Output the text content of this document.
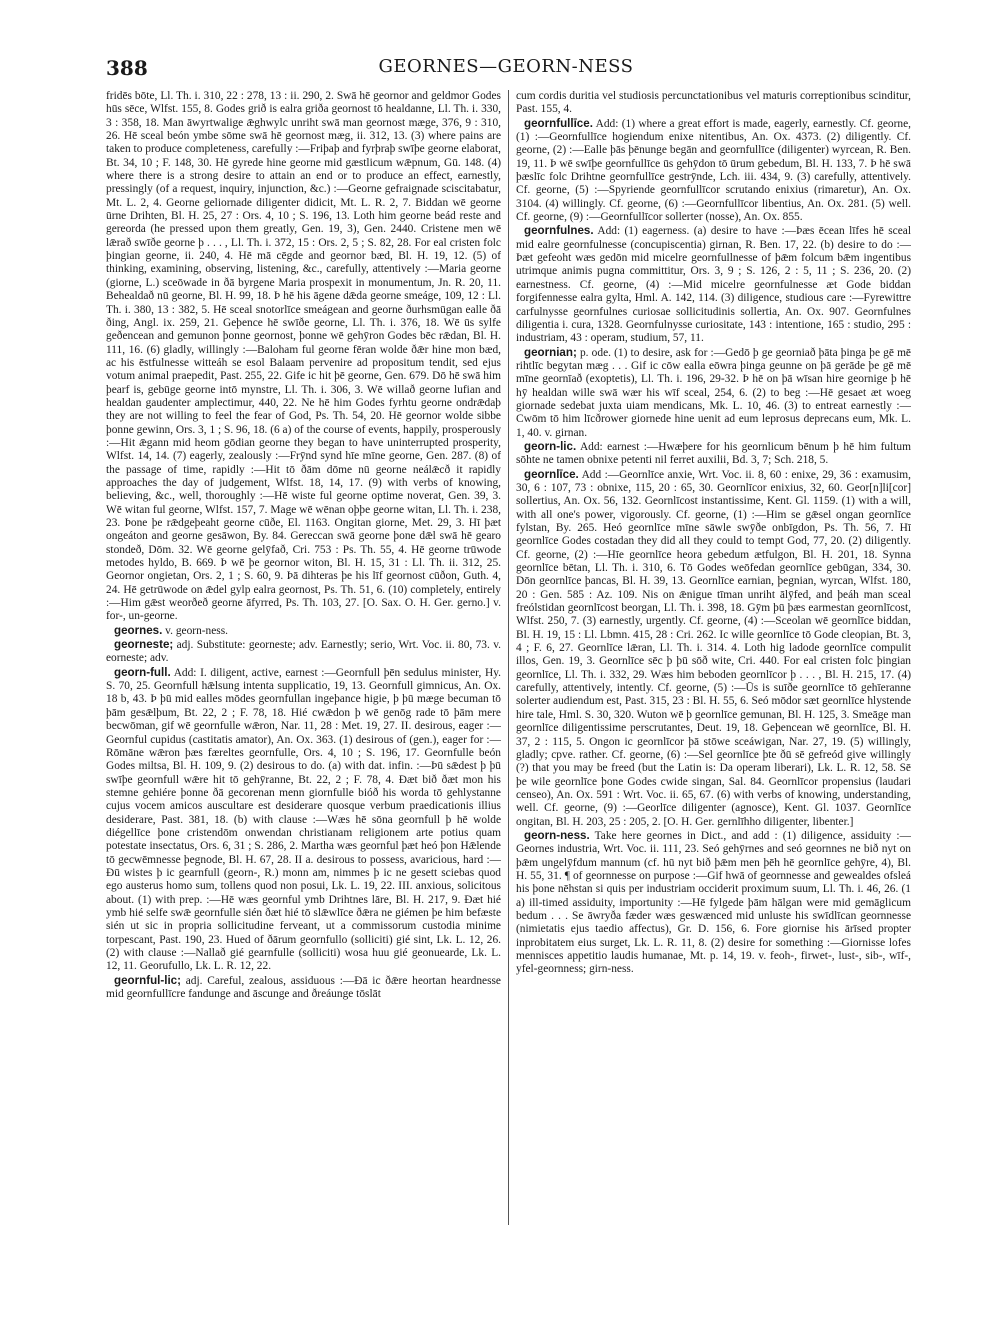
388	GEORNES—GEORN-NESS

fridēs bōte, Ll. Th. i. 310, 22 : 278, 13 : ii. 290, 2. Swā hē geornor and geldmor Godes hūs sēce, Wlfst. 155, 8. Godes grið is ealra griða geornost tō healdanne, Ll. Th. i. 330, 3 : 358, 18. Man āwyrtwalige ǣghwylc unriht swā man geornost mæge, 376, 9 : 310, 26. Hē sceal beón ymbe sōme swā hē geornost mæg, ii. 312, 13. (3) where pains are taken to produce completeness, carefully :—Friþaþ and fyrþraþ swīþe georne elaborat, Bt. 34, 10 ; F. 148, 30. Hē gyrede hine georne mid gæstlicum wǣpnum, Gū. 148. (4) where there is a strong desire to attain an end or to produce an effect, earnestly, pressingly (of a request, inquiry, injunction, &c.) :—Georne gefraignade sciscitabatur, Mt. L. 2, 4. Georne geliornade diligenter didicit, Mt. L. R. 2, 7. Biddan wē georne ūrne Drihten, Bl. H. 25, 27 : Ors. 4, 10 ; S. 196, 13. Loth him georne beád reste and gereorda (he pressed upon them greatly, Gen. 19, 3), Gen. 2440. Cristene men wē lǣrað swīðe georne þ . . . , Ll. Th. i. 372, 15 : Ors. 2, 5 ; S. 82, 28. For eal cristen folc þingian georne, ii. 240, 4. Hē mā cēgde and geornor bæd, Bl. H. 19, 12. (5) of thinking, examining, observing, listening, &c., carefully, attentively :—Maria georne (giorne, L.) sceōwade in ðā byrgene Maria prospexit in monumentum, Jn. R. 20, 11. Behealdað nū georne, Bl. H. 99, 18. Þ hē his āgene dǣda georne smeáge, 109, 12 : Ll. Th. i. 380, 13 : 382, 5. Hē sceal snotorlīce smeágean and georne ðurhsmūgan ealle ðā ðing, Angl. ix. 259, 21. Geþence hē swīðe georne, Ll. Th. i. 376, 18. Wē ūs sylfe geðencean and gemunon þonne geornost, þonne wē gehȳron Godes bēc rǣdan, Bl. H. 111, 16. (6) gladly, willingly :—Baloham ful georne fēran wolde ðǣr hine mon bæd, ac his ēstfulnesse witteáh se esol Balaam pervenire ad propositum tendit, sed ejus votum animal praepedit, Past. 255, 22. Gife ic hit þē georne, Gen. 679. Dō hē swā him þearf is, gebūge georne intō mynstre, Ll. Th. i. 306, 3. Wē willað georne lufian and healdan gaudenter amplectimur, 440, 22. Ne hē him Godes fyrhtu georne ondrǣdaþ they are not willing to feel the fear of God, Ps. Th. 54, 20. Hē geornor wolde sibbe þonne gewinn, Ors. 3, 1 ; S. 96, 18. (6 a) of the course of events, happily, prosperously :—Hit ǣgann mid heom gōdian georne they began to have uninterrupted prosperity, Wlfst. 14, 14. (7) eagerly, zealously :—Frȳnd synd hīe mīne georne, Gen. 287. (8) of the passage of time, rapidly :—Hit tō ðām dōme nū georne neálǣcð it rapidly approaches the day of judgement, Wlfst. 18, 14, 17. (9) with verbs of knowing, believing, &c., well, thoroughly :—Hē wiste ful georne optime noverat, Gen. 39, 3. Wē witan ful georne, Wlfst. 157, 7. Mage wē wēnan oþþe georne witan, Ll. Th. i. 238, 23. Þone þe rǣdgeþeaht georne cūðe, El. 1163. Ongitan giorne, Met. 29, 3. Hī þæt ongeáton and georne gesāwon, By. 84. Gereccan swā georne þone dǣl swā hē gearo stondeð, Dōm. 32. Wē georne gelȳfað, Cri. 753 : Ps. Th. 55, 4. Hē georne trūwode metodes hyldo, B. 669. Þ wē þe geornor witon, Bl. H. 15, 31 : Ll. Th. ii. 312, 25. Geornor ongietan, Ors. 2, 1 ; S. 60, 9. Þā dihteras þe his līf geornost cūðon, Guth. 4, 24. Hē getrūwode on ǣdel gylp ealra geornost, Ps. Th. 51, 6. (10) completely, entirely :—Him gǣst weorðeð georne āfyrred, Ps. Th. 103, 27. [O. Sax. O. H. Ger. gerno.] v. for-, un-georne.

geornes. v. georn-ness.

georneste; adj. Substitute: georneste; adv. Earnestly; serio, Wrt. Voc. ii. 80, 73. v. eorneste; adv.

georn-full. Add: I. diligent, active, earnest :—Geornfull þēn sedulus minister, Hy. S. 70, 25. Geornfull hǣlsung intenta supplicatio, 19, 13. Geornfull gimnicus, An. Ox. 18 b, 43. Þ þū mid ealles mōdes geornfullan ingeþance higie, þ þū mæge becuman tō þām gesǣlþum, Bt. 22, 2 ; F. 78, 18. Hié cwǣdon þ wē genōg rade tō þām mere becwōman, gif wē geornfulle wǣron, Nar. 11, 28 : Met. 19, 27. II. desirous, eager :—Geornful cupidus (castitatis amator), An. Ox. 363. (1) desirous of (gen.), eager for :—Rōmāne wǣron þæs færeltes geornfulle, Ors. 4, 10 ; S. 196, 17. Geornfulle beón Godes miltsa, Bl. H. 109, 9. (2) desirous to do. (a) with dat. infin. :—Þū sǣdest þ þū swīþe geornfull wǣre hit tō gehȳranne, Bt. 22, 2 ; F. 78, 4. Ðæt bið ðæt mon his stemne gehiére þonne ðā gecorenan menn giornfulle bióð his worda tō gehlystanne cujus vocem amicos auscultare est desiderare quosque verbum praedicationis illius desiderare, Past. 381, 18. (b) with clause :—Wæs hē sōna geornfull þ hē wolde diégellīce þone cristendōm onwendan christianam religionem arte potius quam potestate insectatus, Ors. 6, 31 ; S. 286, 2. Martha wæs geornful þæt heó þon Hǣlende tō gecwēmnesse þegnode, Bl. H. 67, 28. II a. desirous to possess, avaricious, hard :—Ðū wistes þ ic gearnfull (georn-, R.) monn am, nimmes þ ic ne gesett sciebas quod ego austerus homo sum, tollens quod non posui, Lk. L. 19, 22. III. anxious, solicitous about. (1) with prep. :—Hē wæs geornful ymb Drihtnes lāre, Bl. H. 217, 9. Ðæt hié ymb hié selfe swǣ geornfulle sién ðæt hié tō slǣwlīce ðǣra ne giémen þe him befæste sién ut sic in propria sollicitudine ferveant, ut a commissorum custodia minime torpescant, Past. 190, 23. Hued of ðārum geornfullo (solliciti) gié sint, Lk. L. 12, 26. (2) with clause :—Nallað gié gearnfulle (solliciti) wosa huu gié geonuearde, Lk. L. 12, 11. Georufullo, Lk. L. R. 12, 22.

geornful-lic; adj. Careful, zealous, assiduous :—Ðā ic ðǣre heortan heardnesse mid geornfullīcre fandunge and āscunge and ðreáunge tōslāt

cum cordis duritia vel studiosis percunctationibus vel maturis correptionibus scinditur, Past. 155, 4.

geornfullīce. Add: (1) where a great effort is made, eagerly, earnestly. Cf. georne, (1) :—Geornfullīce hogiendum enixe nitentibus, An. Ox. 4373. (2) diligently. Cf. georne, (2) :—Ealle þās þēnunge begān and geornfullīce (diligenter) wyrcean, R. Ben. 19, 11. Þ wē swīþe geornfullīce ūs gehȳdon tō ūrum gebedum, Bl. H. 133, 7. Þ hē swā þæslīc folc Drihtne geornfullīce gestrȳnde, Lch. iii. 434, 9. (3) carefully, attentively. Cf. georne, (5) :—Spyriende geornfullīcor scrutando enixius (rimaretur), An. Ox. 3104. (4) willingly. Cf. georne, (6) :—Geornfullīcor libentius, An. Ox. 281. (5) well. Cf. georne, (9) :—Geornfullīcor sollerter (nosse), An. Ox. 855.

geornfulnes. Add: (1) eagerness. (a) desire to have :—Þæs ēcean līfes hē sceal mid ealre geornfulnesse (concupiscentia) girnan, R. Ben. 17, 22. (b) desire to do :—Þæt gefeoht wæs gedōn mid micelre geornfullnesse of þǣm folcum bǣm ingentibus utrimque animis pugna committitur, Ors. 3, 9 ; S. 126, 2 : 5, 11 ; S. 236, 20. (2) earnestness. Cf. georne, (4) :—Mid micelre geornfulnesse æt Gode biddan forgifennesse ealra gylta, Hml. A. 142, 114. (3) diligence, studious care :—Fyrewittre carfulnysse geornfulnes curiosae sollicitudinis sollertia, An. Ox. 907. Geornfulnes diligentia i. cura, 1328. Geornfulnysse curiositate, 143 : intentione, 165 : studio, 295 : industriam, 43 : operam, studium, 57, 11.

geornian; p. ode. (1) to desire, ask for :—Gedō þ ge georniað þāta þinga þe gē mē rihtlīc begytan mæg . . . Gif ic cōw ealla eōwra þinga geunne on þā gerāde þe gē mē mīne geornīað (exoptetis), Ll. Th. i. 196, 29-32. Þ hē on þā wīsan hire geornige þ hē hȳ healdan wille swā wær his wīf sceal, 254, 6. (2) to beg :—Hē gesaet æt woeg giornade sedebat juxta uiam mendicans, Mk. L. 10, 46. (3) to entreat earnestly :—Cwōm tō him līcðrower giornede hine uenit ad eum leprosus deprecans eum, Mk. L. 1, 40. v. girnan.

georn-lic. Add: earnest :—Hwæþere for his geornlicum bēnum þ hē him fultum sōhte ne tamen obnixe petenti nil ferret auxilii, Bd. 3, 7; Sch. 218, 5.

geornlīce. Add :—Geornlīce anxie, Wrt. Voc. ii. 8, 60 : enixe, 29, 36 : examusim, 30, 6 : 107, 73 : obnixe, 115, 20 : 65, 30. Geornlīcor enixius, 32, 60. Geor[n]li[cor] sollertius, An. Ox. 56, 132. Geornlīcost instantissime, Kent. Gl. 1159. (1) with a will, with all one's power, vigorously. Cf. georne, (1) :—Him se gǣsel ongan geornlīce fylstan, By. 265. Heó geornlīce mīne sāwle swȳðe onbīgdon, Ps. Th. 56, 7. Hī geornlīce Godes costadan they did all they could to tempt God, 77, 20. (2) diligently. Cf. georne, (2) :—Hīe geornlīce heora gebedum ætfulgon, Bl. H. 201, 18. Synna geornlīce bētan, Ll. Th. i. 310, 6. Tō Godes weōfedan geornlīce gebūgan, 334, 30. Dōn geornlīce þancas, Bl. H. 39, 13. Geornlīce earnian, þegnian, wyrcan, Wlfst. 180, 20 : Gen. 585 : Az. 109. Nis on ǣnigue tīman unriht ālȳfed, and þeáh man sceal freólstidan geornlīcost beorgan, Ll. Th. i. 398, 18. Gȳm þū þæs earmestan geornlīcost, Wlfst. 250, 7. (3) earnestly, urgently. Cf. georne, (4) :—Sceolan wē geornlīce biddan, Bl. H. 19, 15 : Ll. Lbmn. 415, 28 : Cri. 262. Ic wille geornlīce tō Gode cleopian, Bt. 3, 4 ; F. 6, 27. Geornlīce lǣran, Ll. Th. i. 314. 4. Loth hig ladode geornlīce compulit illos, Gen. 19, 3. Geornlīce sēc þ þū sōð wite, Cri. 440. For eal cristen folc þingian geornlīce, Ll. Th. i. 332, 29. Wæs him beboden geornlīcor þ . . . , Bl. H. 215, 17. (4) carefully, attentively, intently. Cf. georne, (5) :—Ūs is suīðe geornlīce tō gehīeranne solerter audiendum est, Past. 315, 23 : Bl. H. 55, 6. Seó mōdor sæt geornlīce hlystende hire tale, Hml. S. 30, 320. Wuton wē þ geornlīce gemunan, Bl. H. 125, 3. Smeāge man geornlīce diligentissime perscrutantes, Deut. 19, 18. Geþencean wē geornlīce, Bl. H. 37, 2 : 115, 5. Ongon ic geornlīcor þā stōwe sceáwigan, Nar. 27, 19. (5) willingly, gladly; cpve. rather. Cf. georne, (6) :—Sel geornlīce þte ðū sē gefreód give willingly (?) that you may be freed (but the Latin is: Da operam liberari), Lk. L. R. 12, 58. Sē þe wile geornlīce þone Godes cwide singan, Sal. 84. Geornlīcor propensius (laudari censeo), An. Ox. 591 : Wrt. Voc. ii. 65, 67. (6) with verbs of knowing, understanding, well. Cf. georne, (9) :—Georlīce diligenter (agnosce), Kent. Gl. 1037. Geornlīce ongitan, Bl. H. 203, 25 : 205, 2. [O. H. Ger. gernlīhho diligenter, libenter.]

georn-ness. Take here geornes in Dict., and add : (1) diligence, assiduity :—Geornes industria, Wrt. Voc. ii. 111, 23. Seó gehȳrnes and seó geornnes ne bið nyt on þǣm ungelȳfdum mannum (cf. hū nyt bið þǣm men þēh hē geornlīce gehȳre, 4), Bl. H. 55, 31. ¶ of geornnesse on purpose :—Gif hwā of geornnesse and gewealdes ofsleá his þone nēhstan si quis per industriam occiderit proximum suum, Ll. Th. i. 46, 26. (1 a) ill-timed assiduity, importunity :—Hē fylgede þām hālgan were mid gemāglicum bedum . . . Se āwryða fæder wæs geswænced mid unluste his swīdlīcan geornnesse (nimietatis ejus taedio affectus), Gr. D. 156, 6. Fore giornise his ārīsed propter inprobitatem eius surget, Lk. L. R. 11, 8. (2) desire for something :—Giornisse lofes mennisces appetitio laudis humanae, Mt. p. 14, 19. v. feoh-, firwet-, lust-, sib-, wīf-, yfel-geornness; girn-ness.
